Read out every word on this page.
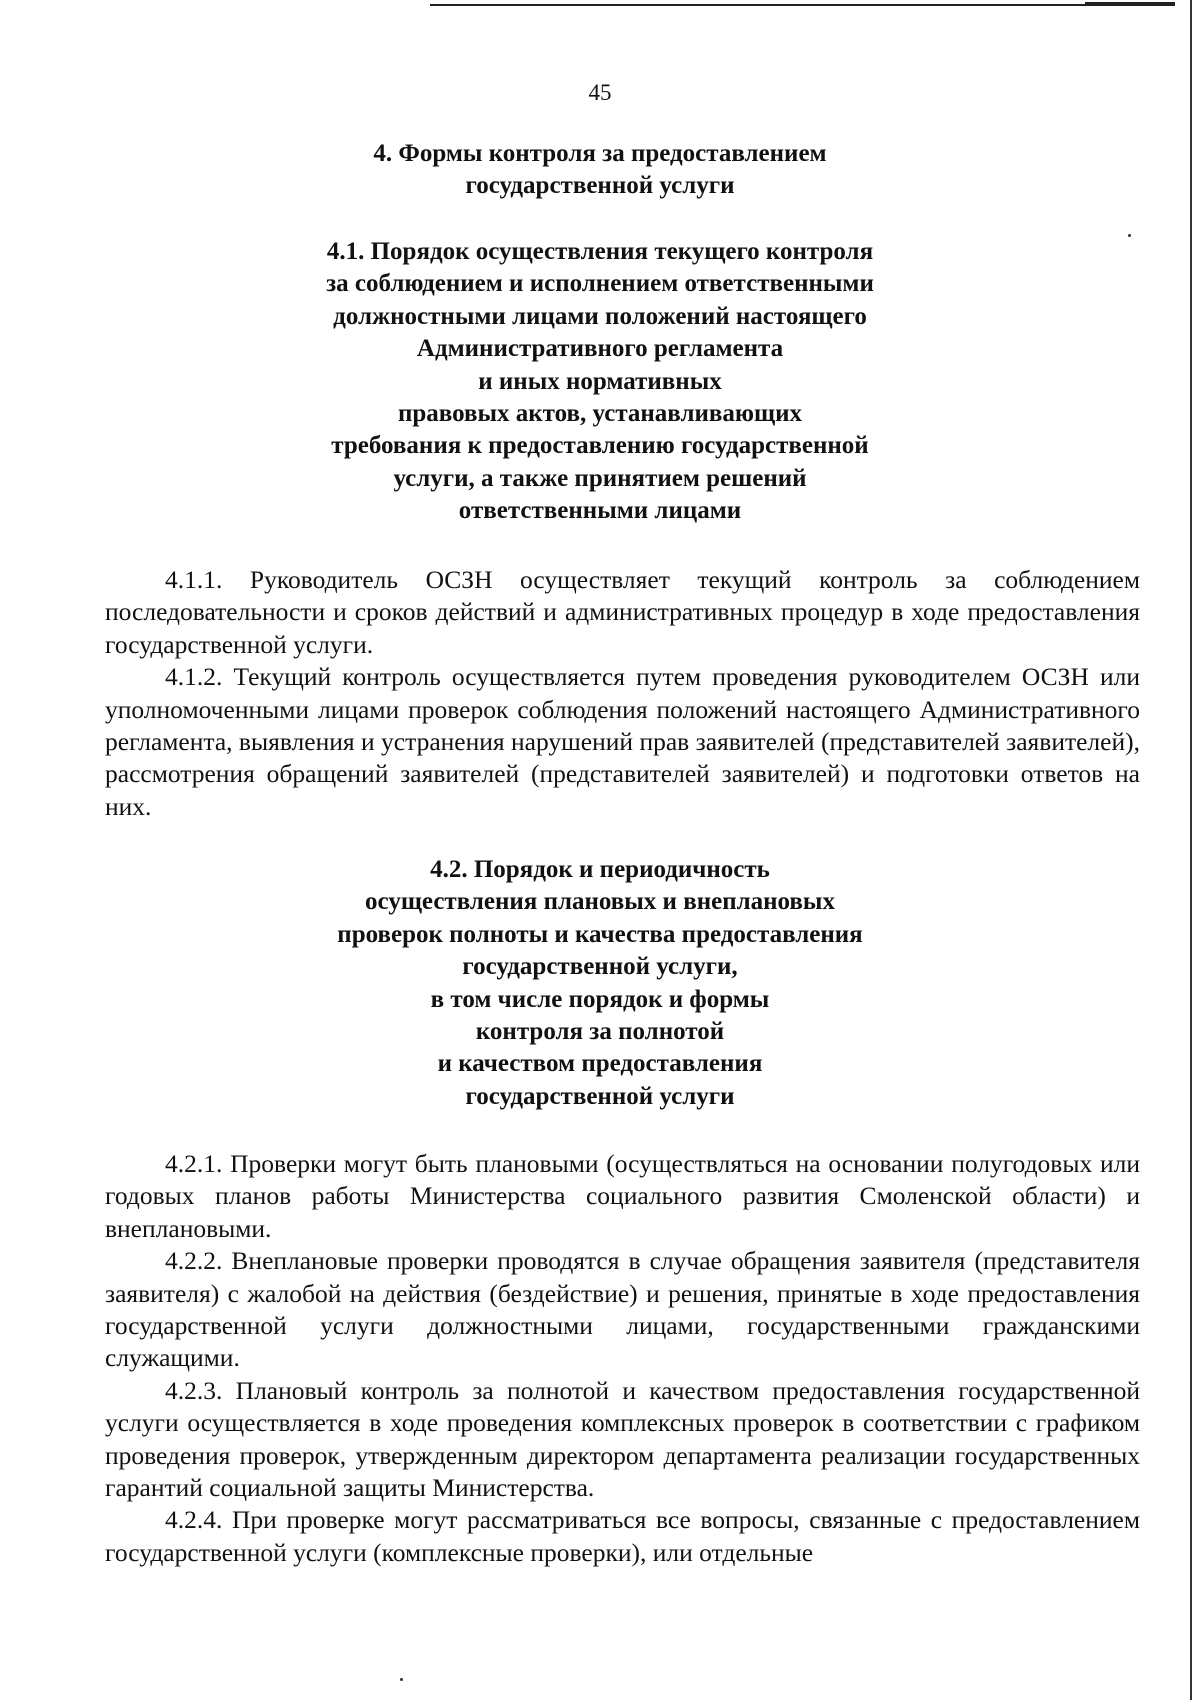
45
4. Формы контроля за предоставлением
государственной услуги
4.1. Порядок осуществления текущего контроля
за соблюдением и исполнением ответственными
должностными лицами положений настоящего
Административного регламента
и иных нормативных
правовых актов, устанавливающих
требования к предоставлению государственной
услуги, а также принятием решений
ответственными лицами

4.1.1. Руководитель ОСЗН осуществляет текущий контроль за соблюдением последовательности и сроков действий и административных процедур в ходе предоставления государственной услуги.

4.1.2. Текущий контроль осуществляется путем проведения руководителем ОСЗН или уполномоченными лицами проверок соблюдения положений настоящего Административного регламента, выявления и устранения нарушений прав заявителей (представителей заявителей), рассмотрения обращений заявителей (представителей заявителей) и подготовки ответов на них.

4.2. Порядок и периодичность
осуществления плановых и внеплановых
проверок полноты и качества предоставления
государственной услуги,
в том числе порядок и формы
контроля за полнотой
и качеством предоставления
государственной услуги

4.2.1. Проверки могут быть плановыми (осуществляться на основании полугодовых или годовых планов работы Министерства социального развития Смоленской области) и внеплановыми.

4.2.2. Внеплановые проверки проводятся в случае обращения заявителя (представителя заявителя) с жалобой на действия (бездействие) и решения, принятые в ходе предоставления государственной услуги должностными лицами, государственными гражданскими служащими.

4.2.3. Плановый контроль за полнотой и качеством предоставления государственной услуги осуществляется в ходе проведения комплексных проверок в соответствии с графиком проведения проверок, утвержденным директором департамента реализации государственных гарантий социальной защиты Министерства.

4.2.4. При проверке могут рассматриваться все вопросы, связанные с предоставлением государственной услуги (комплексные проверки), или отдельные
